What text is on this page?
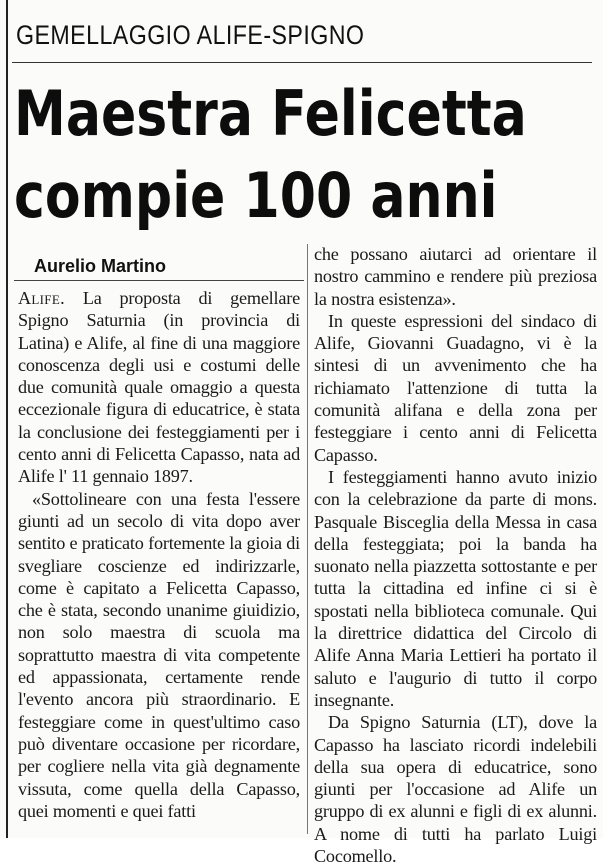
GEMELLAGGIO ALIFE-SPIGNO
Maestra Felicetta
compie 100 anni
Aurelio Martino

Alife. La proposta di gemellare Spigno Saturnia (in provincia di Latina) e Alife, al fine di una maggiore conoscenza degli usi e costumi delle due comunità quale omaggio a questa eccezionale figura di educatrice, è stata la conclusione dei festeggiamenti per i cento anni di Felicetta Capasso, nata ad Alife l' 11 gennaio 1897.

«Sottolineare con una festa l'essere giunti ad un secolo di vita dopo aver sentito e praticato fortemente la gioia di svegliare coscienze ed indirizzarle, come è capitato a Felicetta Capasso, che è stata, secondo unanime giuidizio, non solo maestra di scuola ma soprattutto maestra di vita competente ed appassionata, certamente rende l'evento ancora più straordinario. E festeggiare come in quest'ultimo caso può diventare occasione per ricordare, per cogliere nella vita già degnamente vissuta, come quella della Capasso, quei momenti e quei fatti

che possano aiutarci ad orientare il nostro cammino e rendere più preziosa la nostra esistenza».

In queste espressioni del sindaco di Alife, Giovanni Guadagno, vi è la sintesi di un avvenimento che ha richiamato l'attenzione di tutta la comunità alifana e della zona per festeggiare i cento anni di Felicetta Capasso.

I festeggiamenti hanno avuto inizio con la celebrazione da parte di mons. Pasquale Bisceglia della Messa in casa della festeggiata; poi la banda ha suonato nella piazzetta sottostante e per tutta la cittadina ed infine ci si è spostati nella biblioteca comunale. Qui la direttrice didattica del Circolo di Alife Anna Maria Lettieri ha portato il saluto e l'augurio di tutto il corpo insegnante.

Da Spigno Saturnia (LT), dove la Capasso ha lasciato ricordi indelebili della sua opera di educatrice, sono giunti per l'occasione ad Alife un gruppo di ex alunni e figli di ex alunni. A nome di tutti ha parlato Luigi Cocomello.
